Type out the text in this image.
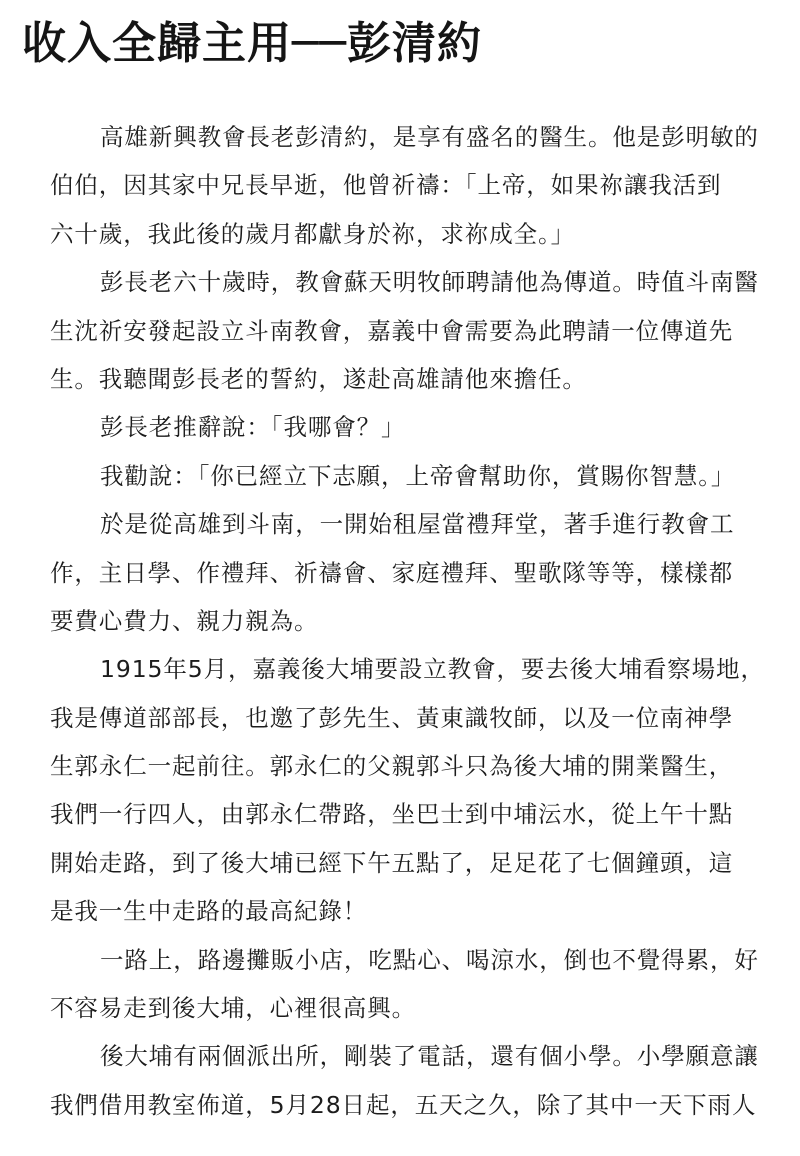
收入全歸主用──彭清約
高雄新興教會長老彭清約，是享有盛名的醫生。他是彭明敏的
伯伯，因其家中兄長早逝，他曾祈禱：「上帝，如果祢讓我活到
六十歲，我此後的歲月都獻身於祢，求祢成全。」
彭長老六十歲時，教會蘇天明牧師聘請他為傳道。時值斗南醫
生沈祈安發起設立斗南教會，嘉義中會需要為此聘請一位傳道先
生。我聽聞彭長老的誓約，遂赴高雄請他來擔任。
彭長老推辭說：「我哪會？」
我勸說：「你已經立下志願，上帝會幫助你，賞賜你智慧。」
於是從高雄到斗南，一開始租屋當禮拜堂，著手進行教會工
作，主日學、作禮拜、祈禱會、家庭禮拜、聖歌隊等等，樣樣都
要費心費力、親力親為。
1915年5月，嘉義後大埔要設立教會，要去後大埔看察場地，
我是傳道部部長，也邀了彭先生、黃東識牧師，以及一位南神學
生郭永仁一起前往。郭永仁的父親郭斗只為後大埔的開業醫生，
我們一行四人，由郭永仁帶路，坐巴士到中埔沄水，從上午十點
開始走路，到了後大埔已經下午五點了，足足花了七個鐘頭，這
是我一生中走路的最高紀錄！
一路上，路邊攤販小店，吃點心、喝涼水，倒也不覺得累，好
不容易走到後大埔，心裡很高興。
後大埔有兩個派出所，剛裝了電話，還有個小學。小學願意讓
我們借用教室佈道，5月28日起，五天之久，除了其中一天下雨人
